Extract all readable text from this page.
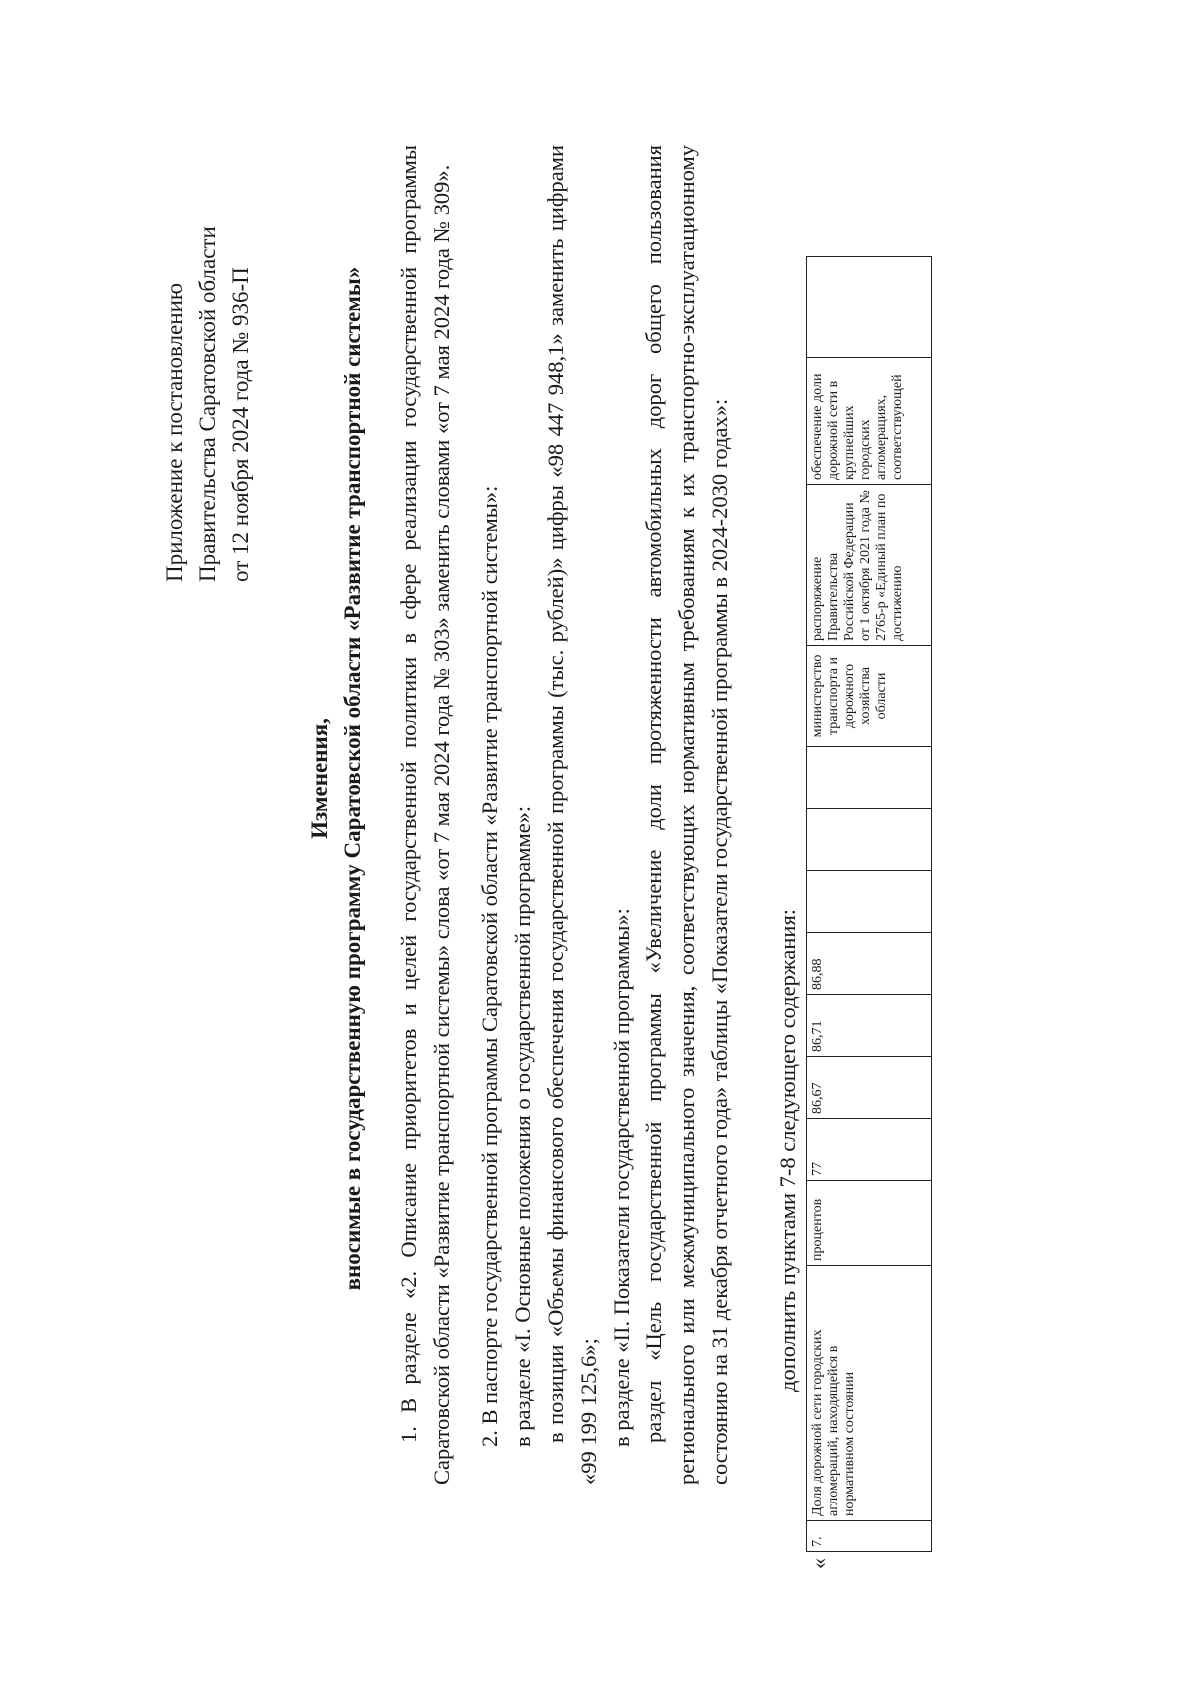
Приложение к постановлению Правительства Саратовской области от 12 ноября 2024 года № 936-П
Изменения, вносимые в государственную программу Саратовской области «Развитие транспортной системы» 1. В разделе «2. Описание приоритетов и целей государственной политики в сфере реализации государственной программы Саратовской области «Развитие транспортной системы» слова «от 7 мая 2024 года № 303» заменить словами «от 7 мая 2024 года № 309». 2. В паспорте государственной программы Саратовской области «Развитие транспортной системы»: в разделе «I. Основные положения о государственной программе»: в позиции «Объемы финансового обеспечения государственной программы (тыс. рублей)» цифры «98 447 948,1» заменить цифрами «99 199 125,6»; в разделе «II. Показатели государственной программы»: раздел «Цель государственной программы «Увеличение доли протяженности автомобильных дорог общего пользования регионального или межмуниципального значения, соответствующих нормативным требованиям к их транспортно-эксплуатационному состоянию на 31 декабря отчетного года» таблицы «Показатели государственной программы в 2024-2030 годах»: дополнить пунктами 7-8 следующего содержания:
«
7.	Доля дорожной сети городских агломераций, находящейся в нормативном состоянии	процентов	77	86,67	86,71	86,88				министерство транспорта и дорожного хозяйства области	распоряжение Правительства Российской Федерации от 1 октября 2021 года № 2765-р «Единый план по достижению	обеспечение доли дорожной сети в крупнейших городских агломерациях, соответствующей	
